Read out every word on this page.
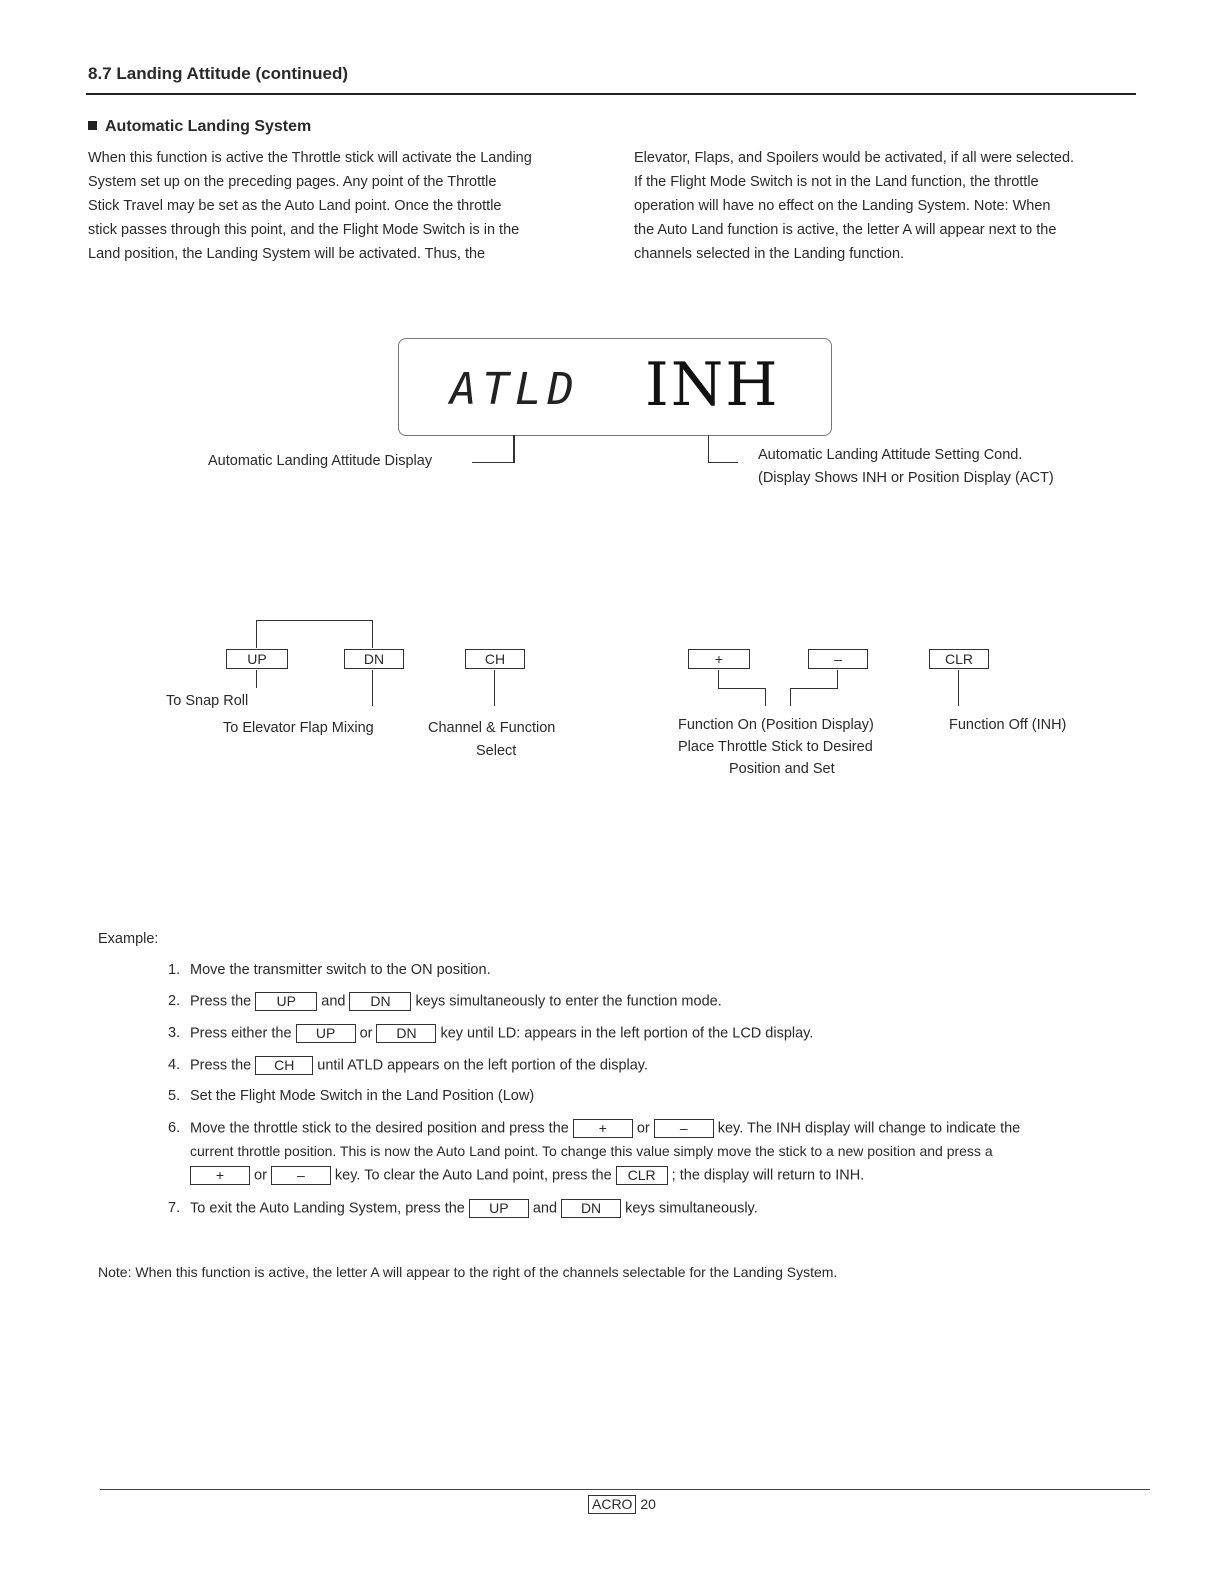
8.7 Landing Attitude (continued)
Automatic Landing System
When this function is active the Throttle stick will activate the Landing
System set up on the preceding pages. Any point of the Throttle
Stick Travel may be set as the Auto Land point. Once the throttle
stick passes through this point, and the Flight Mode Switch is in the
Land position, the Landing System will be activated. Thus, the
Elevator, Flaps, and Spoilers would be activated, if all were selected.
If the Flight Mode Switch is not in the Land function, the throttle
operation will have no effect on the Landing System. Note: When
the Auto Land function is active, the letter A will appear next to the
channels selected in the Landing function.
ATLD INH
Automatic Landing Attitude Display	Automatic Landing Attitude Setting Cond.
(Display Shows INH or Position Display (ACT)
UP	DN	CH	+	–	CLR
To Snap Roll
To Elevator Flap Mixing	Channel & Function
Select
Function On (Position Display)
Place Throttle Stick to Desired
Position and Set
Function Off (INH)
Example:
1. Move the transmitter switch to the ON position.
2. Press the UP and DN keys simultaneously to enter the function mode.
3. Press either the UP or DN key until LD: appears in the left portion of the LCD display.
4. Press the CH until ATLD appears on the left portion of the display.
5. Set the Flight Mode Switch in the Land Position (Low)
6. Move the throttle stick to the desired position and press the + or – key. The INH display will change to indicate the
current throttle position. This is now the Auto Land point. To change this value simply move the stick to a new position and press a
+ or – key. To clear the Auto Land point, press the CLR ; the display will return to INH.
7. To exit the Auto Landing System, press the UP and DN keys simultaneously.
Note: When this function is active, the letter A will appear to the right of the channels selectable for the Landing System.
ACRO 20
